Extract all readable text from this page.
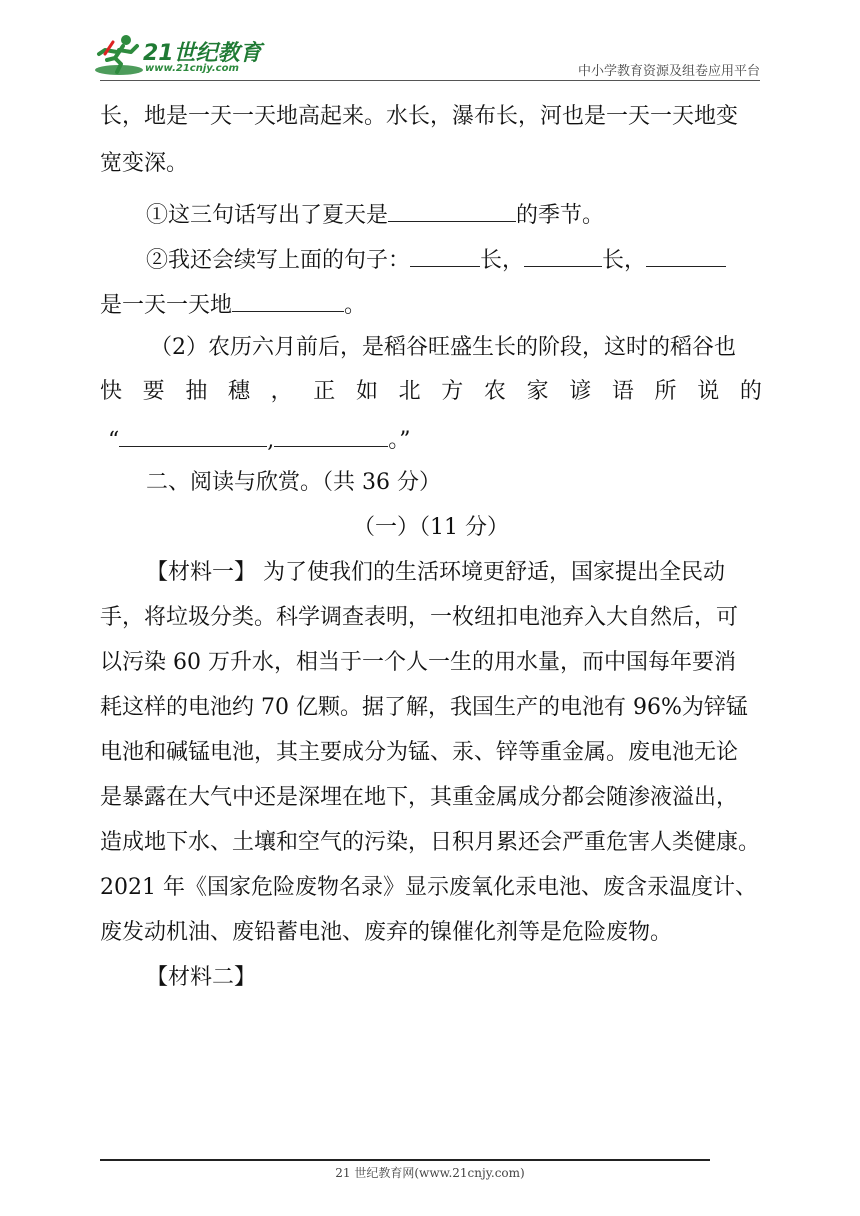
21世纪教育
www.21cnjy.com	中小学教育资源及组卷应用平台
长，地是一天一天地高起来。水长，瀑布长，河也是一天一天地变
宽变深。
①这三句话写出了夏天是	的季节。
②我还会续写上面的句子：	长，	长，
是一天一天地	。
（2）农历六月前后，是稻谷旺盛生长的阶段，这时的稻谷也
快 要 抽 穗 ， 正 如 北 方 农 家 谚 语 所 说 的
“	,	。”
二、阅读与欣赏。（共 36 分）
（一）（11 分）
【材料一】 为了使我们的生活环境更舒适，国家提出全民动
手，将垃圾分类。科学调查表明，一枚纽扣电池弃入大自然后，可
以污染 60 万升水，相当于一个人一生的用水量，而中国每年要消
耗这样的电池约 70 亿颗。据了解，我国生产的电池有 96%为锌锰
电池和碱锰电池，其主要成分为锰、汞、锌等重金属。废电池无论
是暴露在大气中还是深埋在地下，其重金属成分都会随渗液溢出，
造成地下水、土壤和空气的污染，日积月累还会严重危害人类健康。
2021 年《国家危险废物名录》显示废氧化汞电池、废含汞温度计、
废发动机油、废铅蓄电池、废弃的镍催化剂等是危险废物。
【材料二】
21 世纪教育网(www.21cnjy.com)
